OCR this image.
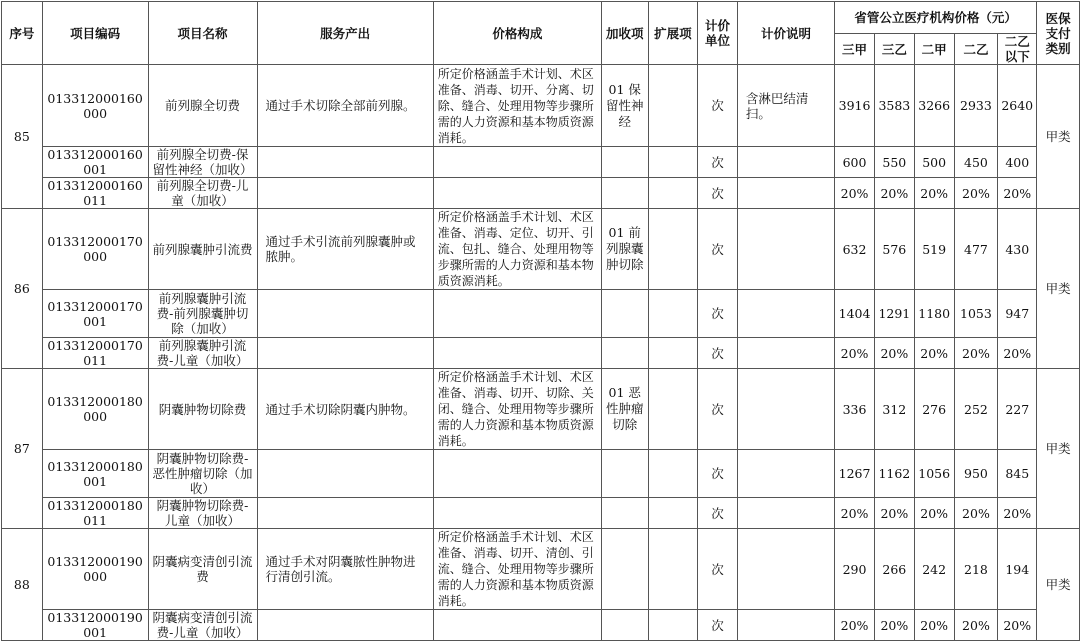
序号	项目编码	项目名称	服务产出	价格构成	加收项	扩展项	计价单位	计价说明	省管公立医疗机构价格（元）					医保支付类别
									三甲	三乙	二甲	二乙	二乙以下	
85	013312000160000	前列腺全切费	通过手术切除全部前列腺。	所定价格涵盖手术计划、术区准备、消毒、切开、分离、切除、缝合、处理用物等步骤所需的人力资源和基本物质资源消耗。	01 保留性神经		次	含淋巴结清扫。	3916	3583	3266	2933	2640	甲类
	013312000160001	前列腺全切费-保留性神经（加收）					次		600	550	500	450	400	
	013312000160011	前列腺全切费-儿童（加收）					次		20%	20%	20%	20%	20%	
86	013312000170000	前列腺囊肿引流费	通过手术引流前列腺囊肿或脓肿。	所定价格涵盖手术计划、术区准备、消毒、定位、切开、引流、包扎、缝合、处理用物等步骤所需的人力资源和基本物质资源消耗。	01 前列腺囊肿切除		次		632	576	519	477	430	甲类
	013312000170001	前列腺囊肿引流费-前列腺囊肿切除（加收）					次		1404	1291	1180	1053	947	
	013312000170011	前列腺囊肿引流费-儿童（加收）					次		20%	20%	20%	20%	20%	
87	013312000180000	阴囊肿物切除费	通过手术切除阴囊内肿物。	所定价格涵盖手术计划、术区准备、消毒、切开、切除、关闭、缝合、处理用物等步骤所需的人力资源和基本物质资源消耗。	01 恶性肿瘤切除		次		336	312	276	252	227	甲类
	013312000180001	阴囊肿物切除费-恶性肿瘤切除（加收）					次		1267	1162	1056	950	845	
	013312000180011	阴囊肿物切除费-儿童（加收）					次		20%	20%	20%	20%	20%	
88	013312000190000	阴囊病变清创引流费	通过手术对阴囊脓性肿物进行清创引流。	所定价格涵盖手术计划、术区准备、消毒、切开、清创、引流、缝合、处理用物等步骤所需的人力资源和基本物质资源消耗。			次		290	266	242	218	194	甲类
	013312000190001	阴囊病变清创引流费-儿童（加收）					次		20%	20%	20%	20%	20%	
